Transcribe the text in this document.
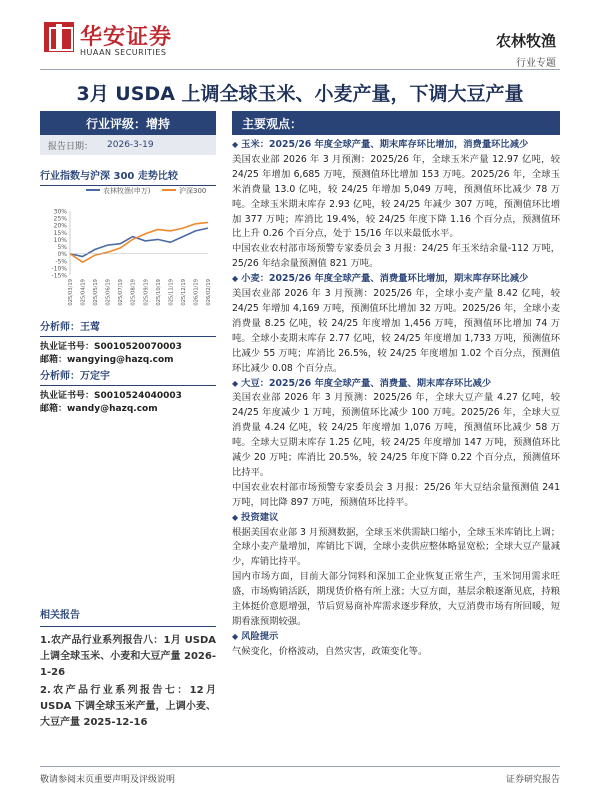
华安证券
HUAAN SECURITIES
农林牧渔
行业专题
3月 USDA 上调全球玉米、小麦产量，下调大豆产量
行业评级： 增持
报告日期： 2026-3-19
行业指数与沪深 300 走势比较
农林牧渔(申万)	沪深300
30%
25%
20%
15%
10%
5%
0%
-5%
-10%
-15%
2025/03/19 2025/04/19 2025/05/19 2025/06/19 2025/07/19 2025/08/19 2025/09/19 2025/10/19 2025/11/19 2025/12/19 2026/01/19 2026/02/19
分析师：王莺
执业证书号：S0010520070003
邮箱：wangying@hazq.com
分析师：万定宇
执业证书号：S0010524040003
邮箱：wandy@hazq.com
相关报告

1.农产品行业系列报告八：1月 USDA 上调全球玉米、小麦和大豆产量 2026-1-26

2.农产品行业系列报告七：12月 USDA 下调全球玉米产量，上调小麦、大豆产量 2025-12-16

主要观点：
◆ 玉米：2025/26 年度全球产量、期末库存环比增加，消费量环比减少
美国农业部 2026 年 3 月预测：2025/26 年，全球玉米产量 12.97 亿吨，较 24/25 年增加 6,685 万吨，预测值环比增加 153 万吨。2025/26 年，全球玉米消费量 13.0 亿吨，较 24/25 年增加 5,049 万吨，预测值环比减少 78 万吨。全球玉米期末库存 2.93 亿吨，较 24/25 年减少 307 万吨，预测值环比增加 377 万吨；库消比 19.4%，较 24/25 年度下降 1.16 个百分点，预测值环比上升 0.26 个百分点，处于 15/16 年以来最低水平。
中国农业农村部市场预警专家委员会 3 月报：24/25 年玉米结余量-112 万吨，25/26 年结余量预测值 821 万吨。
◆ 小麦：2025/26 年度全球产量、消费量环比增加，期末库存环比减少
美国农业部 2026 年 3 月预测：2025/26 年，全球小麦产量 8.42 亿吨，较 24/25 年增加 4,169 万吨，预测值环比增加 32 万吨。2025/26 年，全球小麦消费量 8.25 亿吨，较 24/25 年度增加 1,456 万吨，预测值环比增加 74 万吨。全球小麦期末库存 2.77 亿吨，较 24/25 年度增加 1,733 万吨，预测值环比减少 55 万吨；库消比 26.5%，较 24/25 年度增加 1.02 个百分点，预测值环比减少 0.08 个百分点。
◆ 大豆：2025/26 年度全球产量、消费量、期末库存环比减少
美国农业部 2026 年 3 月预测：2025/26 年，全球大豆产量 4.27 亿吨，较 24/25 年度减少 1 万吨，预测值环比减少 100 万吨。2025/26 年，全球大豆消费量 4.24 亿吨，较 24/25 年度增加 1,076 万吨，预测值环比减少 58 万吨。全球大豆期末库存 1.25 亿吨，较 24/25 年度增加 147 万吨，预测值环比减少 20 万吨；库消比 20.5%，较 24/25 年度下降 0.22 个百分点，预测值环比持平。
中国农业农村部市场预警专家委员会 3 月报：25/26 年大豆结余量预测值 241 万吨，同比降 897 万吨，预测值环比持平。
◆ 投资建议
根据美国农业部 3 月预测数据，全球玉米供需缺口缩小，全球玉米库销比上调；全球小麦产量增加，库销比下调，全球小麦供应整体略显宽松；全球大豆产量减少，库销比持平。
国内市场方面，目前大部分饲料和深加工企业恢复正常生产，玉米饲用需求旺盛，市场购销活跃，期现货价格有所上涨；大豆方面，基层余粮逐渐见底，持粮主体挺价意愿增强，节后贸易商补库需求逐步释放，大豆消费市场有所回暖，短期看涨预期较强。
◆ 风险提示
气候变化，价格波动，自然灾害，政策变化等。
敬请参阅末页重要声明及评级说明	证券研究报告
